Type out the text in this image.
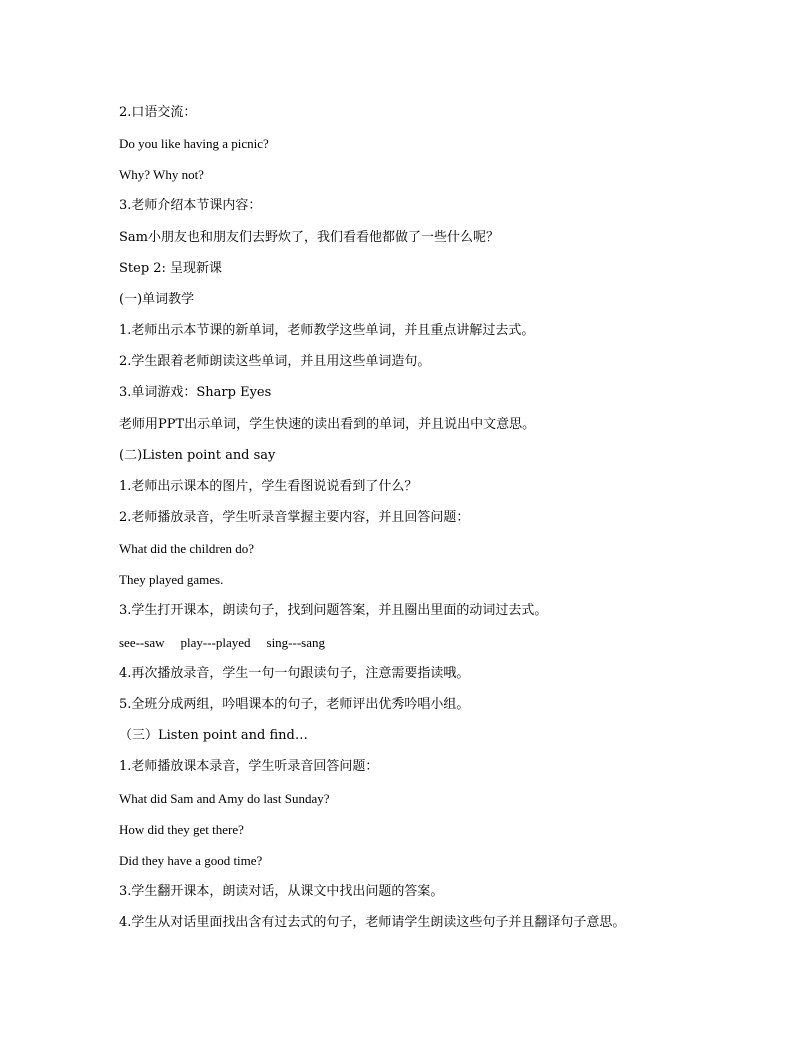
2.口语交流：
Do you like having a picnic?
Why? Why not?
3.老师介绍本节课内容：
Sam小朋友也和朋友们去野炊了，我们看看他都做了一些什么呢？
Step 2: 呈现新课
(一)单词教学
1.老师出示本节课的新单词，老师教学这些单词，并且重点讲解过去式。
2.学生跟着老师朗读这些单词，并且用这些单词造句。
3.单词游戏：Sharp Eyes
老师用PPT出示单词，学生快速的读出看到的单词，并且说出中文意思。
(二)Listen point and say
1.老师出示课本的图片，学生看图说说看到了什么？
2.老师播放录音，学生听录音掌握主要内容，并且回答问题：
What did the children do?
They played games.
3.学生打开课本，朗读句子，找到问题答案，并且圈出里面的动词过去式。
see--saw play---played sing---sang
4.再次播放录音，学生一句一句跟读句子，注意需要指读哦。
5.全班分成两组，吟唱课本的句子，老师评出优秀吟唱小组。
（三）Listen point and find…
1.老师播放课本录音，学生听录音回答问题：
What did Sam and Amy do last Sunday?
How did they get there?
Did they have a good time?
3.学生翻开课本，朗读对话，从课文中找出问题的答案。
4.学生从对话里面找出含有过去式的句子，老师请学生朗读这些句子并且翻译句子意思。
